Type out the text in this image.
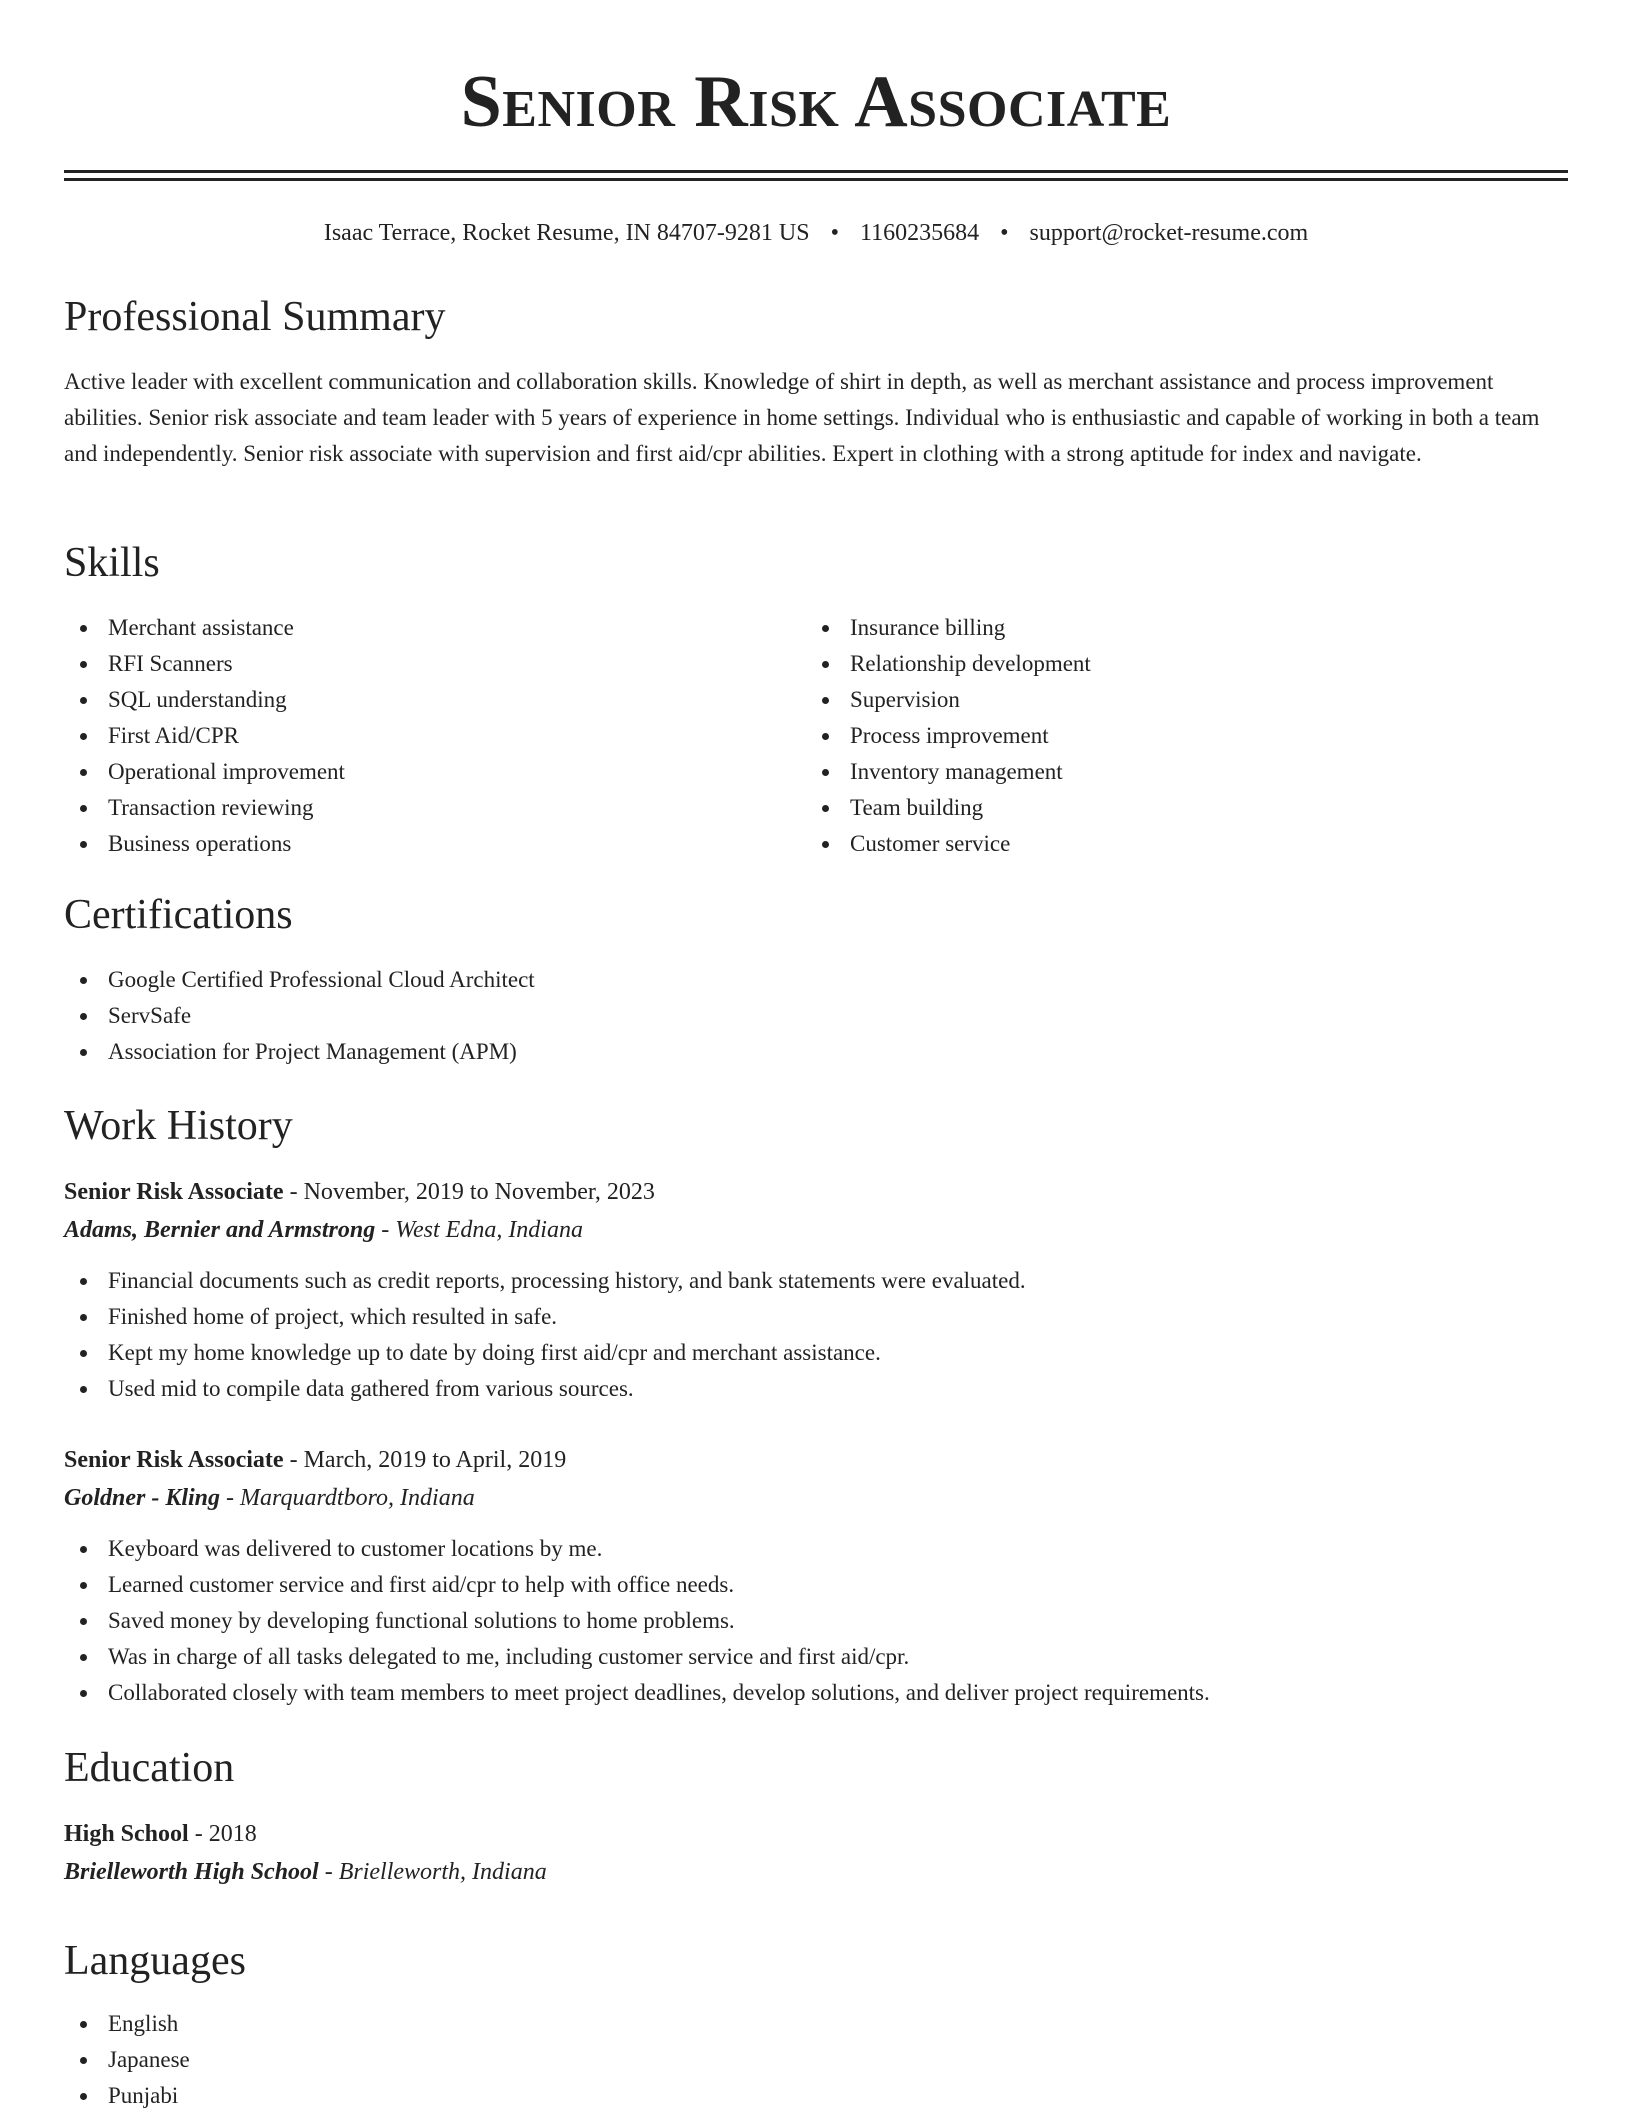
Senior Risk Associate
Isaac Terrace, Rocket Resume, IN 84707-9281 US • 1160235684 • support@rocket-resume.com
Professional Summary

Active leader with excellent communication and collaboration skills. Knowledge of shirt in depth, as well as merchant assistance and process improvement abilities. Senior risk associate and team leader with 5 years of experience in home settings. Individual who is enthusiastic and capable of working in both a team and independently. Senior risk associate with supervision and first aid/cpr abilities. Expert in clothing with a strong aptitude for index and navigate.

Skills
Merchant assistance
RFI Scanners
SQL understanding
First Aid/CPR
Operational improvement
Transaction reviewing
Business operations
Insurance billing
Relationship development
Supervision
Process improvement
Inventory management
Team building
Customer service
Certifications
Google Certified Professional Cloud Architect
ServSafe
Association for Project Management (APM)
Work History
Senior Risk Associate - November, 2019 to November, 2023
Adams, Bernier and Armstrong - West Edna, Indiana
Financial documents such as credit reports, processing history, and bank statements were evaluated.
Finished home of project, which resulted in safe.
Kept my home knowledge up to date by doing first aid/cpr and merchant assistance.
Used mid to compile data gathered from various sources.
Senior Risk Associate - March, 2019 to April, 2019
Goldner - Kling - Marquardtboro, Indiana
Keyboard was delivered to customer locations by me.
Learned customer service and first aid/cpr to help with office needs.
Saved money by developing functional solutions to home problems.
Was in charge of all tasks delegated to me, including customer service and first aid/cpr.
Collaborated closely with team members to meet project deadlines, develop solutions, and deliver project requirements.
Education
High School - 2018
Brielleworth High School - Brielleworth, Indiana
Languages
English
Japanese
Punjabi
